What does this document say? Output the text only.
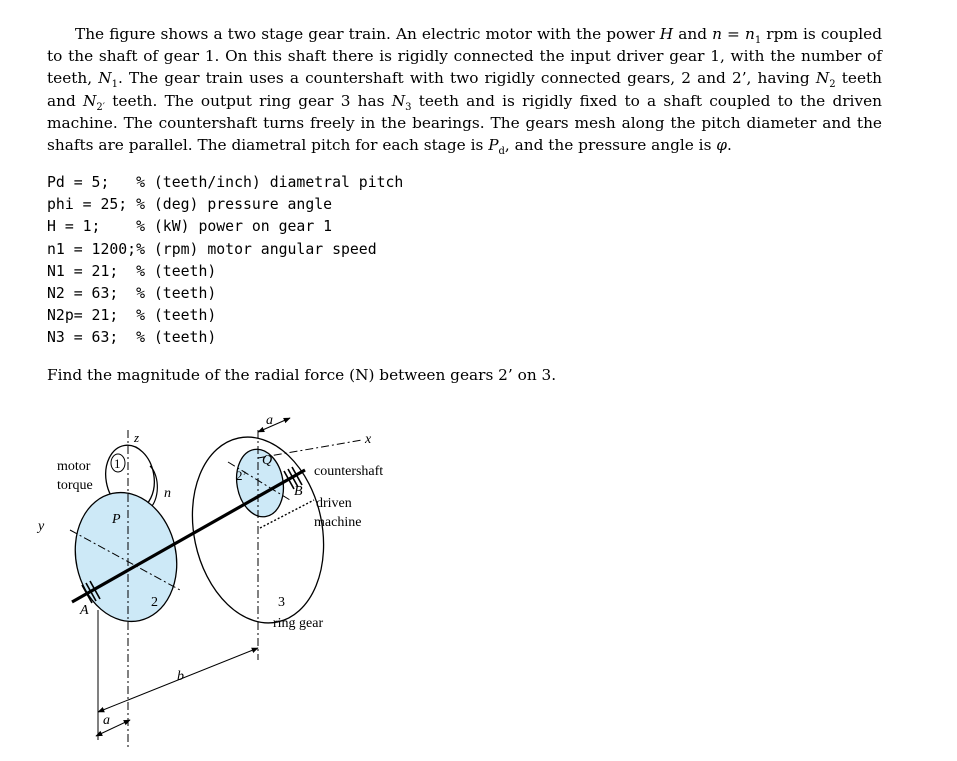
The figure shows a two stage gear train. An electric motor with the power H and $n = n_1$ rpm is coupled to the shaft of gear 1. On this shaft there is rigidly connected the input driver gear 1, with the number of teeth, $N_1$. The gear train uses a countershaft with two rigidly connected gears, 2 and 2’, having $N_2$ teeth and $N_{2'}$ teeth. The output ring gear 3 has $N_3$ teeth and is rigidly fixed to a shaft coupled to the driven machine. The countershaft turns freely in the bearings. The gears mesh along the pitch diameter and the shafts are parallel. The diametral pitch for each stage is $P_d$, and the pressure angle is φ.

Pd = 5;   % (teeth/inch) diametral pitch
phi = 25; % (deg) pressure angle
H = 1;    % (kW) power on gear 1
n1 = 1200;% (rpm) motor angular speed
N1 = 21;  % (teeth)
N2 = 63;  % (teeth)
N2p= 21;  % (teeth)
N3 = 63;  % (teeth)

Find the magnitude of the radial force (N) between gears 2’ on 3.

motor
torque
1
n
y
z
P
A
2
2’
Q
B
x
countershaft
driven
machine
3
ring gear
a
b
a
